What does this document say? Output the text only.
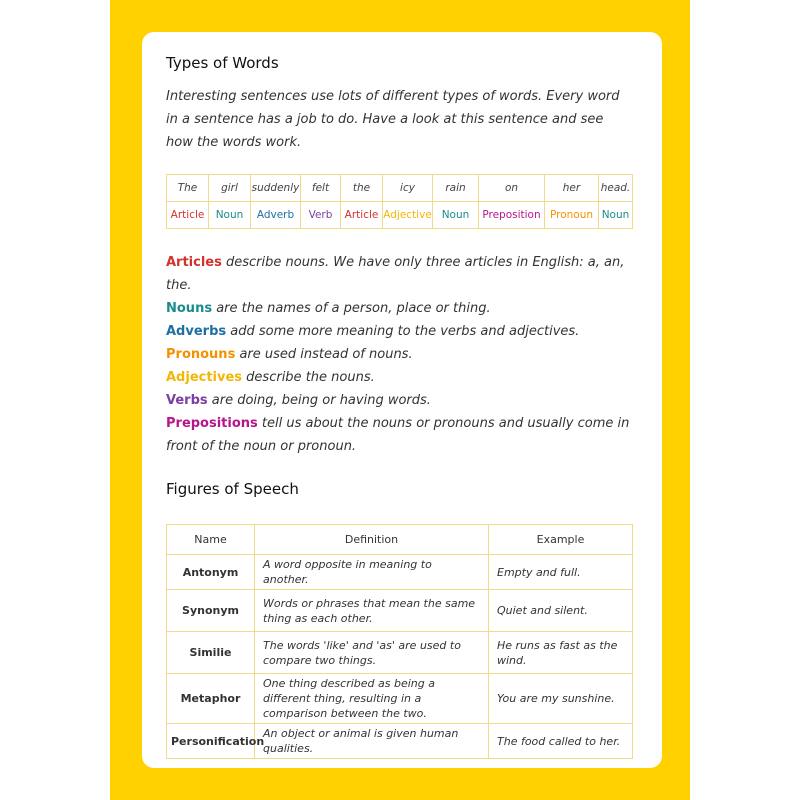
Types of Words

Interesting sentences use lots of different types of words. Every word in a sentence has a job to do. Have a look at this sentence and see how the words work.

The	girl	suddenly	felt	the	icy	rain	on	her	head.
Article	Noun	Adverb	Verb	Article	Adjective	Noun	Preposition	Pronoun	Noun
Articles describe nouns. We have only three articles in English: a, an, the.
Nouns are the names of a person, place or thing.
Adverbs add some more meaning to the verbs and adjectives.
Pronouns are used instead of nouns.
Adjectives describe the nouns.
Verbs are doing, being or having words.
Prepositions tell us about the nouns or pronouns and usually come in front of the noun or pronoun.
Figures of Speech
Name	Definition	Example
Antonym	A word opposite in meaning to another.	Empty and full.
Synonym	Words or phrases that mean the same thing as each other.	Quiet and silent.
Similie	The words 'like' and 'as' are used to compare two things.	He runs as fast as the wind.
Metaphor	One thing described as being a different thing, resulting in a comparison between the two.	You are my sunshine.
Personification	An object or animal is given human qualities.	The food called to her.
